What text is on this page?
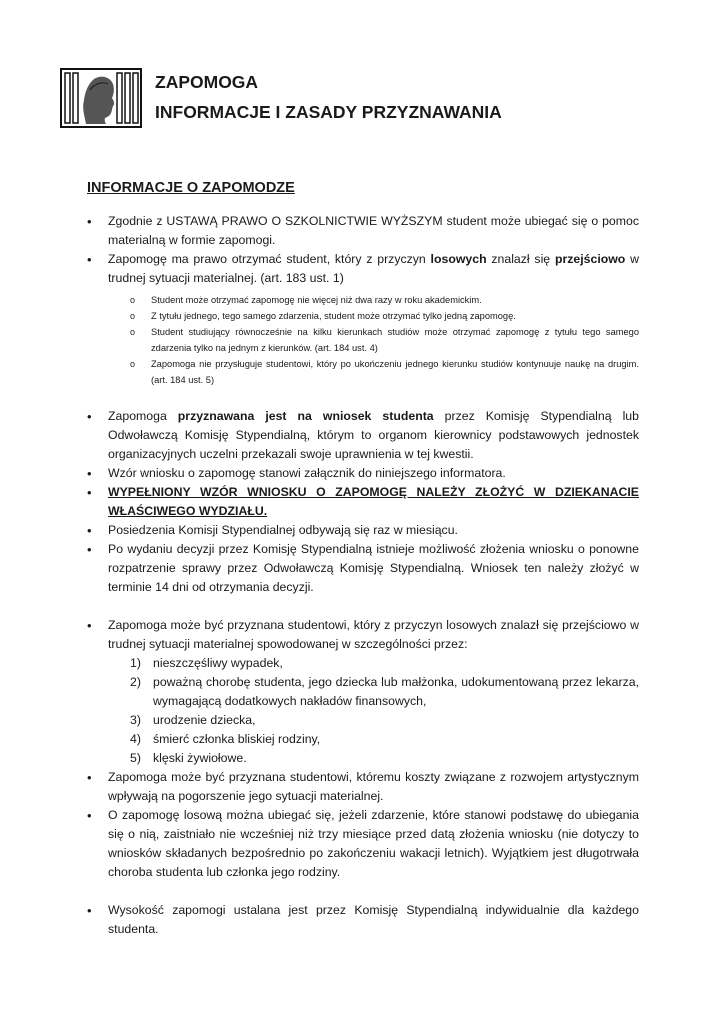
ZAPOMOGA
INFORMACJE I ZASADY PRZYZNAWANIA
INFORMACJE O ZAPOMODZE
• Zgodnie z USTAWĄ PRAWO O SZKOLNICTWIE WYŻSZYM student może ubiegać się o pomoc materialną w formie zapomogi.
• Zapomogę ma prawo otrzymać student, który z przyczyn losowych znalazł się przejściowo w trudnej sytuacji materialnej. (art. 183 ust. 1)
o Student może otrzymać zapomogę nie więcej niż dwa razy w roku akademickim.
o Z tytułu jednego, tego samego zdarzenia, student może otrzymać tylko jedną zapomogę.
o Student studiujący równocześnie na kilku kierunkach studiów może otrzymać zapomogę z tytułu tego samego zdarzenia tylko na jednym z kierunków. (art. 184 ust. 4)
o Zapomoga nie przysługuje studentowi, który po ukończeniu jednego kierunku studiów kontynuuje naukę na drugim. (art. 184 ust. 5)
• Zapomoga przyznawana jest na wniosek studenta przez Komisję Stypendialną lub Odwoławczą Komisję Stypendialną, którym to organom kierownicy podstawowych jednostek organizacyjnych uczelni przekazali swoje uprawnienia w tej kwestii.
• Wzór wniosku o zapomogę stanowi załącznik do niniejszego informatora.
• WYPEŁNIONY WZÓR WNIOSKU O ZAPOMOGĘ NALEŻY ZŁOŻYĆ W DZIEKANACIE WŁAŚCIWEGO WYDZIAŁU.
• Posiedzenia Komisji Stypendialnej odbywają się raz w miesiącu.
• Po wydaniu decyzji przez Komisję Stypendialną istnieje możliwość złożenia wniosku o ponowne rozpatrzenie sprawy przez Odwoławczą Komisję Stypendialną. Wniosek ten należy złożyć w terminie 14 dni od otrzymania decyzji.
• Zapomoga może być przyznana studentowi, który z przyczyn losowych znalazł się przejściowo w trudnej sytuacji materialnej spowodowanej w szczególności przez:
1) nieszczęśliwy wypadek,
2) poważną chorobę studenta, jego dziecka lub małżonka, udokumentowaną przez lekarza, wymagającą dodatkowych nakładów finansowych,
3) urodzenie dziecka,
4) śmierć członka bliskiej rodziny,
5) klęski żywiołowe.
• Zapomoga może być przyznana studentowi, któremu koszty związane z rozwojem artystycznym wpływają na pogorszenie jego sytuacji materialnej.
• O zapomogę losową można ubiegać się, jeżeli zdarzenie, które stanowi podstawę do ubiegania się o nią, zaistniało nie wcześniej niż trzy miesiące przed datą złożenia wniosku (nie dotyczy to wniosków składanych bezpośrednio po zakończeniu wakacji letnich). Wyjątkiem jest długotrwała choroba studenta lub członka jego rodziny.
• Wysokość zapomogi ustalana jest przez Komisję Stypendialną indywidualnie dla każdego studenta.
